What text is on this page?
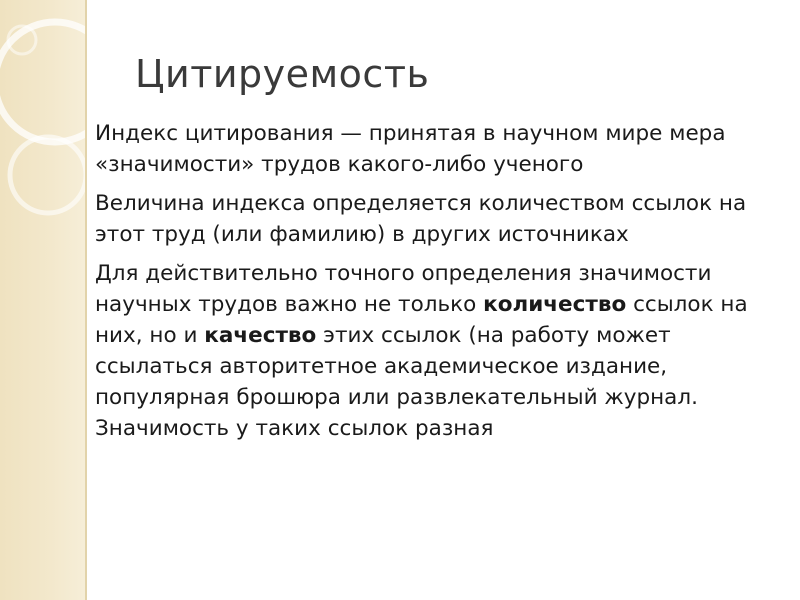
Цитируемость

Индекс цитирования — принятая в научном мире мера «значимости» трудов какого-либо ученого

Величина индекса определяется количеством ссылок на этот труд (или фамилию) в других источниках

Для действительно точного определения значимости научных трудов важно не только количество ссылок на них, но и качество этих ссылок (на работу может ссылаться авторитетное академическое издание, популярная брошюра или развлекательный журнал. Значимость у таких ссылок разная
